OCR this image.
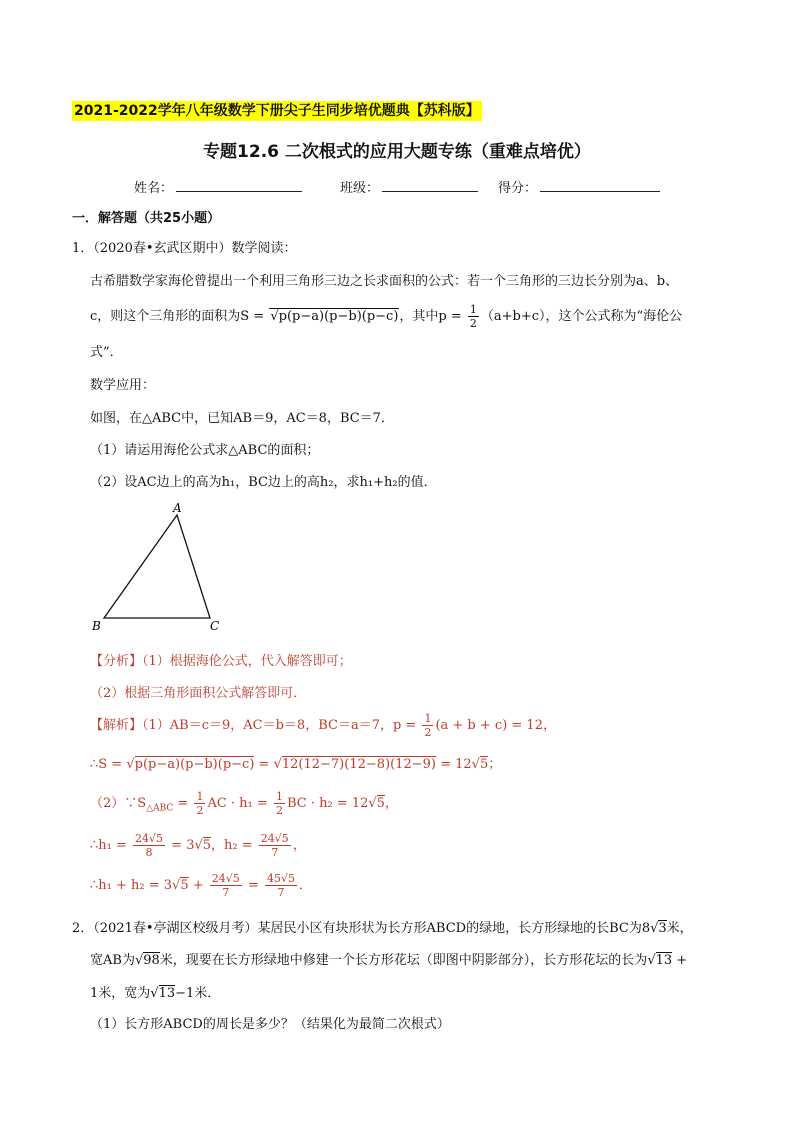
2021-2022学年八年级数学下册尖子生同步培优题典【苏科版】
专题12.6 二次根式的应用大题专练（重难点培优）
姓名：	班级：	得分：
一．解答题（共25小题）
1．（2020春•玄武区期中）数学阅读：
古希腊数学家海伦曾提出一个利用三角形三边之长求面积的公式：若一个三角形的三边长分别为a、b、
c，则这个三角形的面积为S = √p(p−a)(p−b)(p−c)，其中$p = \frac{1}{2} (a+b+c)$，这个公式称为“海伦公
式”．
数学应用：
如图，在△ABC中，已知AB＝9，AC＝8，BC＝7．
（1）请运用海伦公式求△ABC的面积；
（2）设AC边上的高为h₁，BC边上的高h₂，求h₁+h₂的值．
A
B	C
【分析】（1）根据海伦公式，代入解答即可；
（2）根据三角形面积公式解答即可．
【解析】（1）AB＝c＝9，AC＝b＝8，BC＝a＝7，$p = \frac{1}{2} (a + b + c) = 12$，
∴S = √p(p−a)(p−b)(p−c) = √12(12−7)(12−8)(12−9) = 12√5；
$(2)\because S_{\triangle ABC} = \frac{1}{2}$ AC · $h_1 = \frac{1}{2}$ BC · h₂ = 12√5，
∴h₁ = $\frac{24√5}{8} = 3√5$，$h_2 = \frac{24√5}{7}$ ，
∴h₁ + $h_2 = 3√5 + \frac{24√5}{7} = \frac{45√5}{7}$ ．
2．（2021春•亭湖区校级月考）某居民小区有块形状为长方形ABCD的绿地，长方形绿地的长BC为8√3米，
宽AB为√98米，现要在长方形绿地中修建一个长方形花坛（即图中阴影部分），长方形花坛的长为√13 +
1米，宽为√13−1米．
（1）长方形ABCD的周长是多少？（结果化为最简二次根式）
